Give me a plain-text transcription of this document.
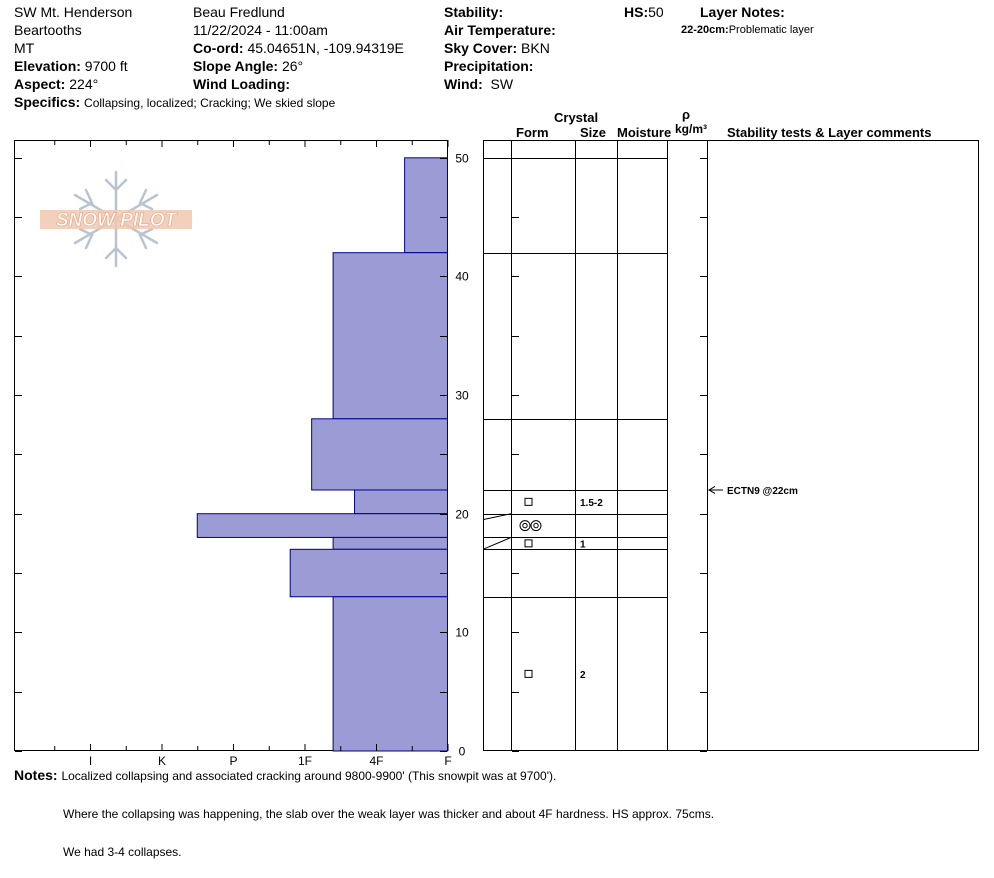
SW Mt. Henderson
Beartooths
MT
Elevation: 9700 ft
Aspect: 224°
Specifics: Collapsing, localized; Cracking; We skied slope
Beau Fredlund
11/22/2024 - 11:00am
Co-ord: 45.04651N, -109.94319E
Slope Angle: 26°
Wind Loading:
Stability:
Air Temperature:
Sky Cover: BKN
Precipitation:
Wind: SW
HS:50	Layer Notes:
22-20cm:Problematic layer
Crystal
Form Size Moisture
ρ
kg/m³ Stability tests & Layer comments
SNOW PILOT
0
10
20
30
40
50
I	K	P	1F	4F	F
1.5-2
1
2
ECTN9 @22cm
Notes: Localized collapsing and associated cracking around 9800-9900' (This snowpit was at 9700').
Where the collapsing was happening, the slab over the weak layer was thicker and about 4F hardness. HS approx. 75cms.
We had 3-4 collapses.
